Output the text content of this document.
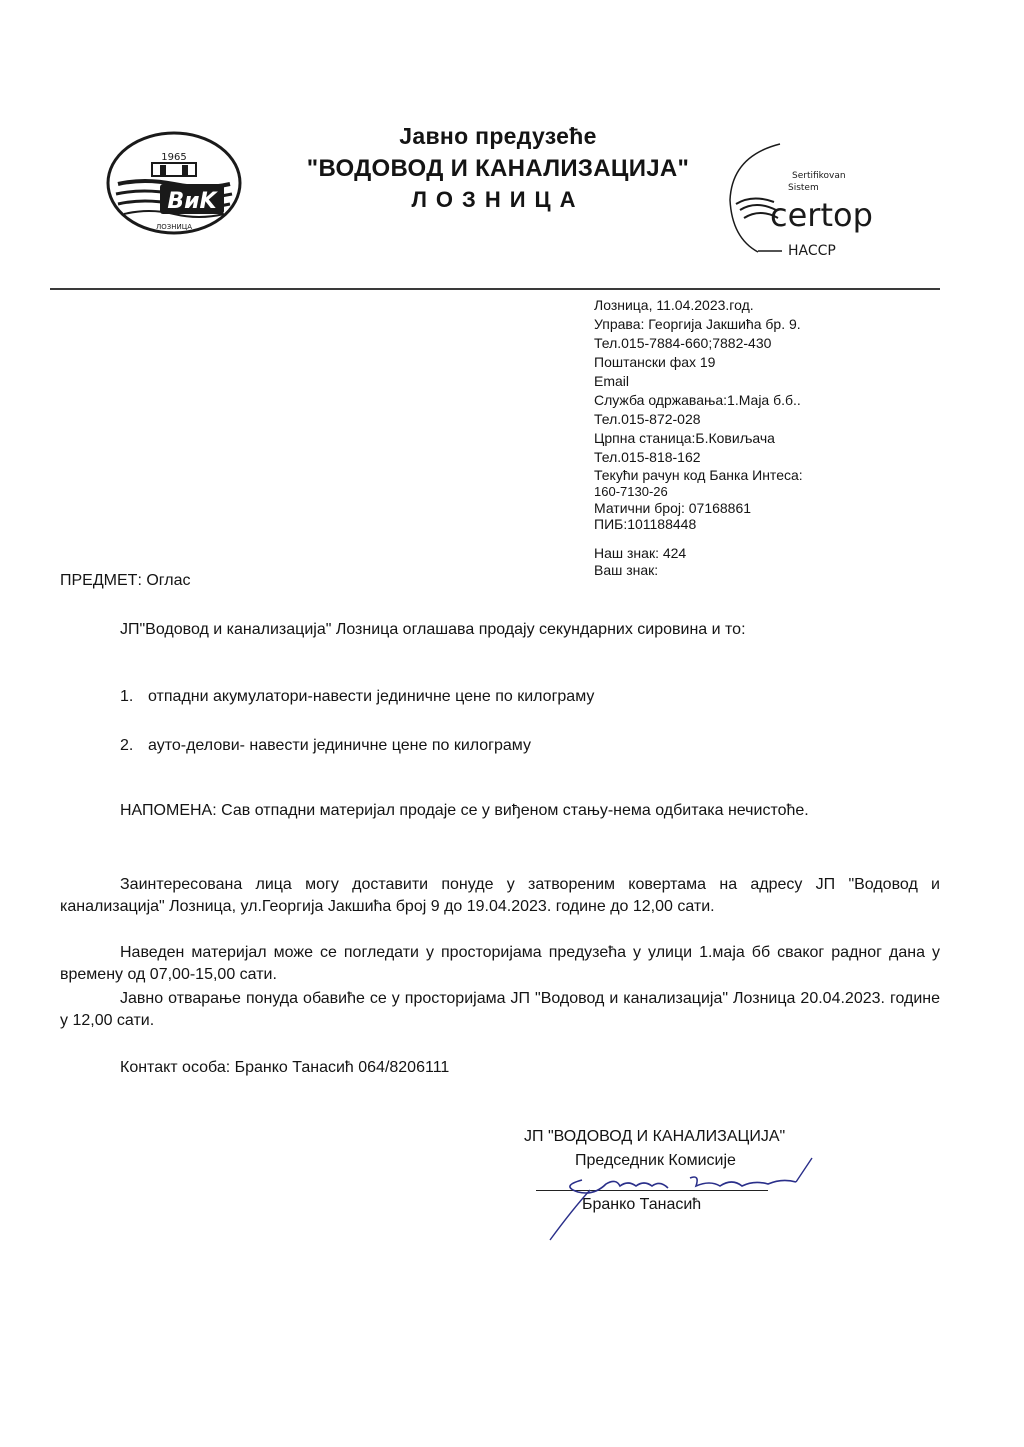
1965
BиK
ЛОЗНИЦА
Јавно предузеће
"ВОДОВОД И КАНАЛИЗАЦИЈА"
ЛОЗНИЦА
Sertifikovan
Sistem
certop
HACCP
Лозница, 11.04.2023.год.
Управа: Георгија Јакшића бр. 9.
Тел.015-7884-660;7882-430
Поштански фах 19
Email
Служба одржавања:1.Маја б.б..
Тел.015-872-028
Црпна станица:Б.Ковиљача
Тел.015-818-162
Текући рачун код Банка Интеса:
160-7130-26
Матични број: 07168861
ПИБ:101188448
Наш знак: 424
Ваш знак:
ПРЕДМЕТ: Оглас
ЈП"Водовод и канализација" Лозница оглашава продају секундарних сировина и то:
1. отпадни акумулатори-навести јединичне цене по килограму
2. ауто-делови- навести јединичне цене по килограму
НАПОМЕНА: Сав отпадни материјал продаје се у виђеном стању-нема одбитака нечистоће.
Заинтересована лица могу доставити понуде у затвореним ковертама на адресу ЈП "Водовод и канализација" Лозница, ул.Георгија Јакшића број 9 до 19.04.2023. године до 12,00 сати.
Наведен материјал може се погледати у просторијама предузећа у улици 1.маја бб сваког радног дана у времену од 07,00-15,00 сати.
Јавно отварање понуда обавиће се у просторијама ЈП "Водовод и канализација" Лозница 20.04.2023. године у 12,00 сати.
Контакт особа: Бранко Танасић 064/8206111
ЈП "ВОДОВОД И КАНАЛИЗАЦИЈА"
Председник Комисије
Бранко Танасић
